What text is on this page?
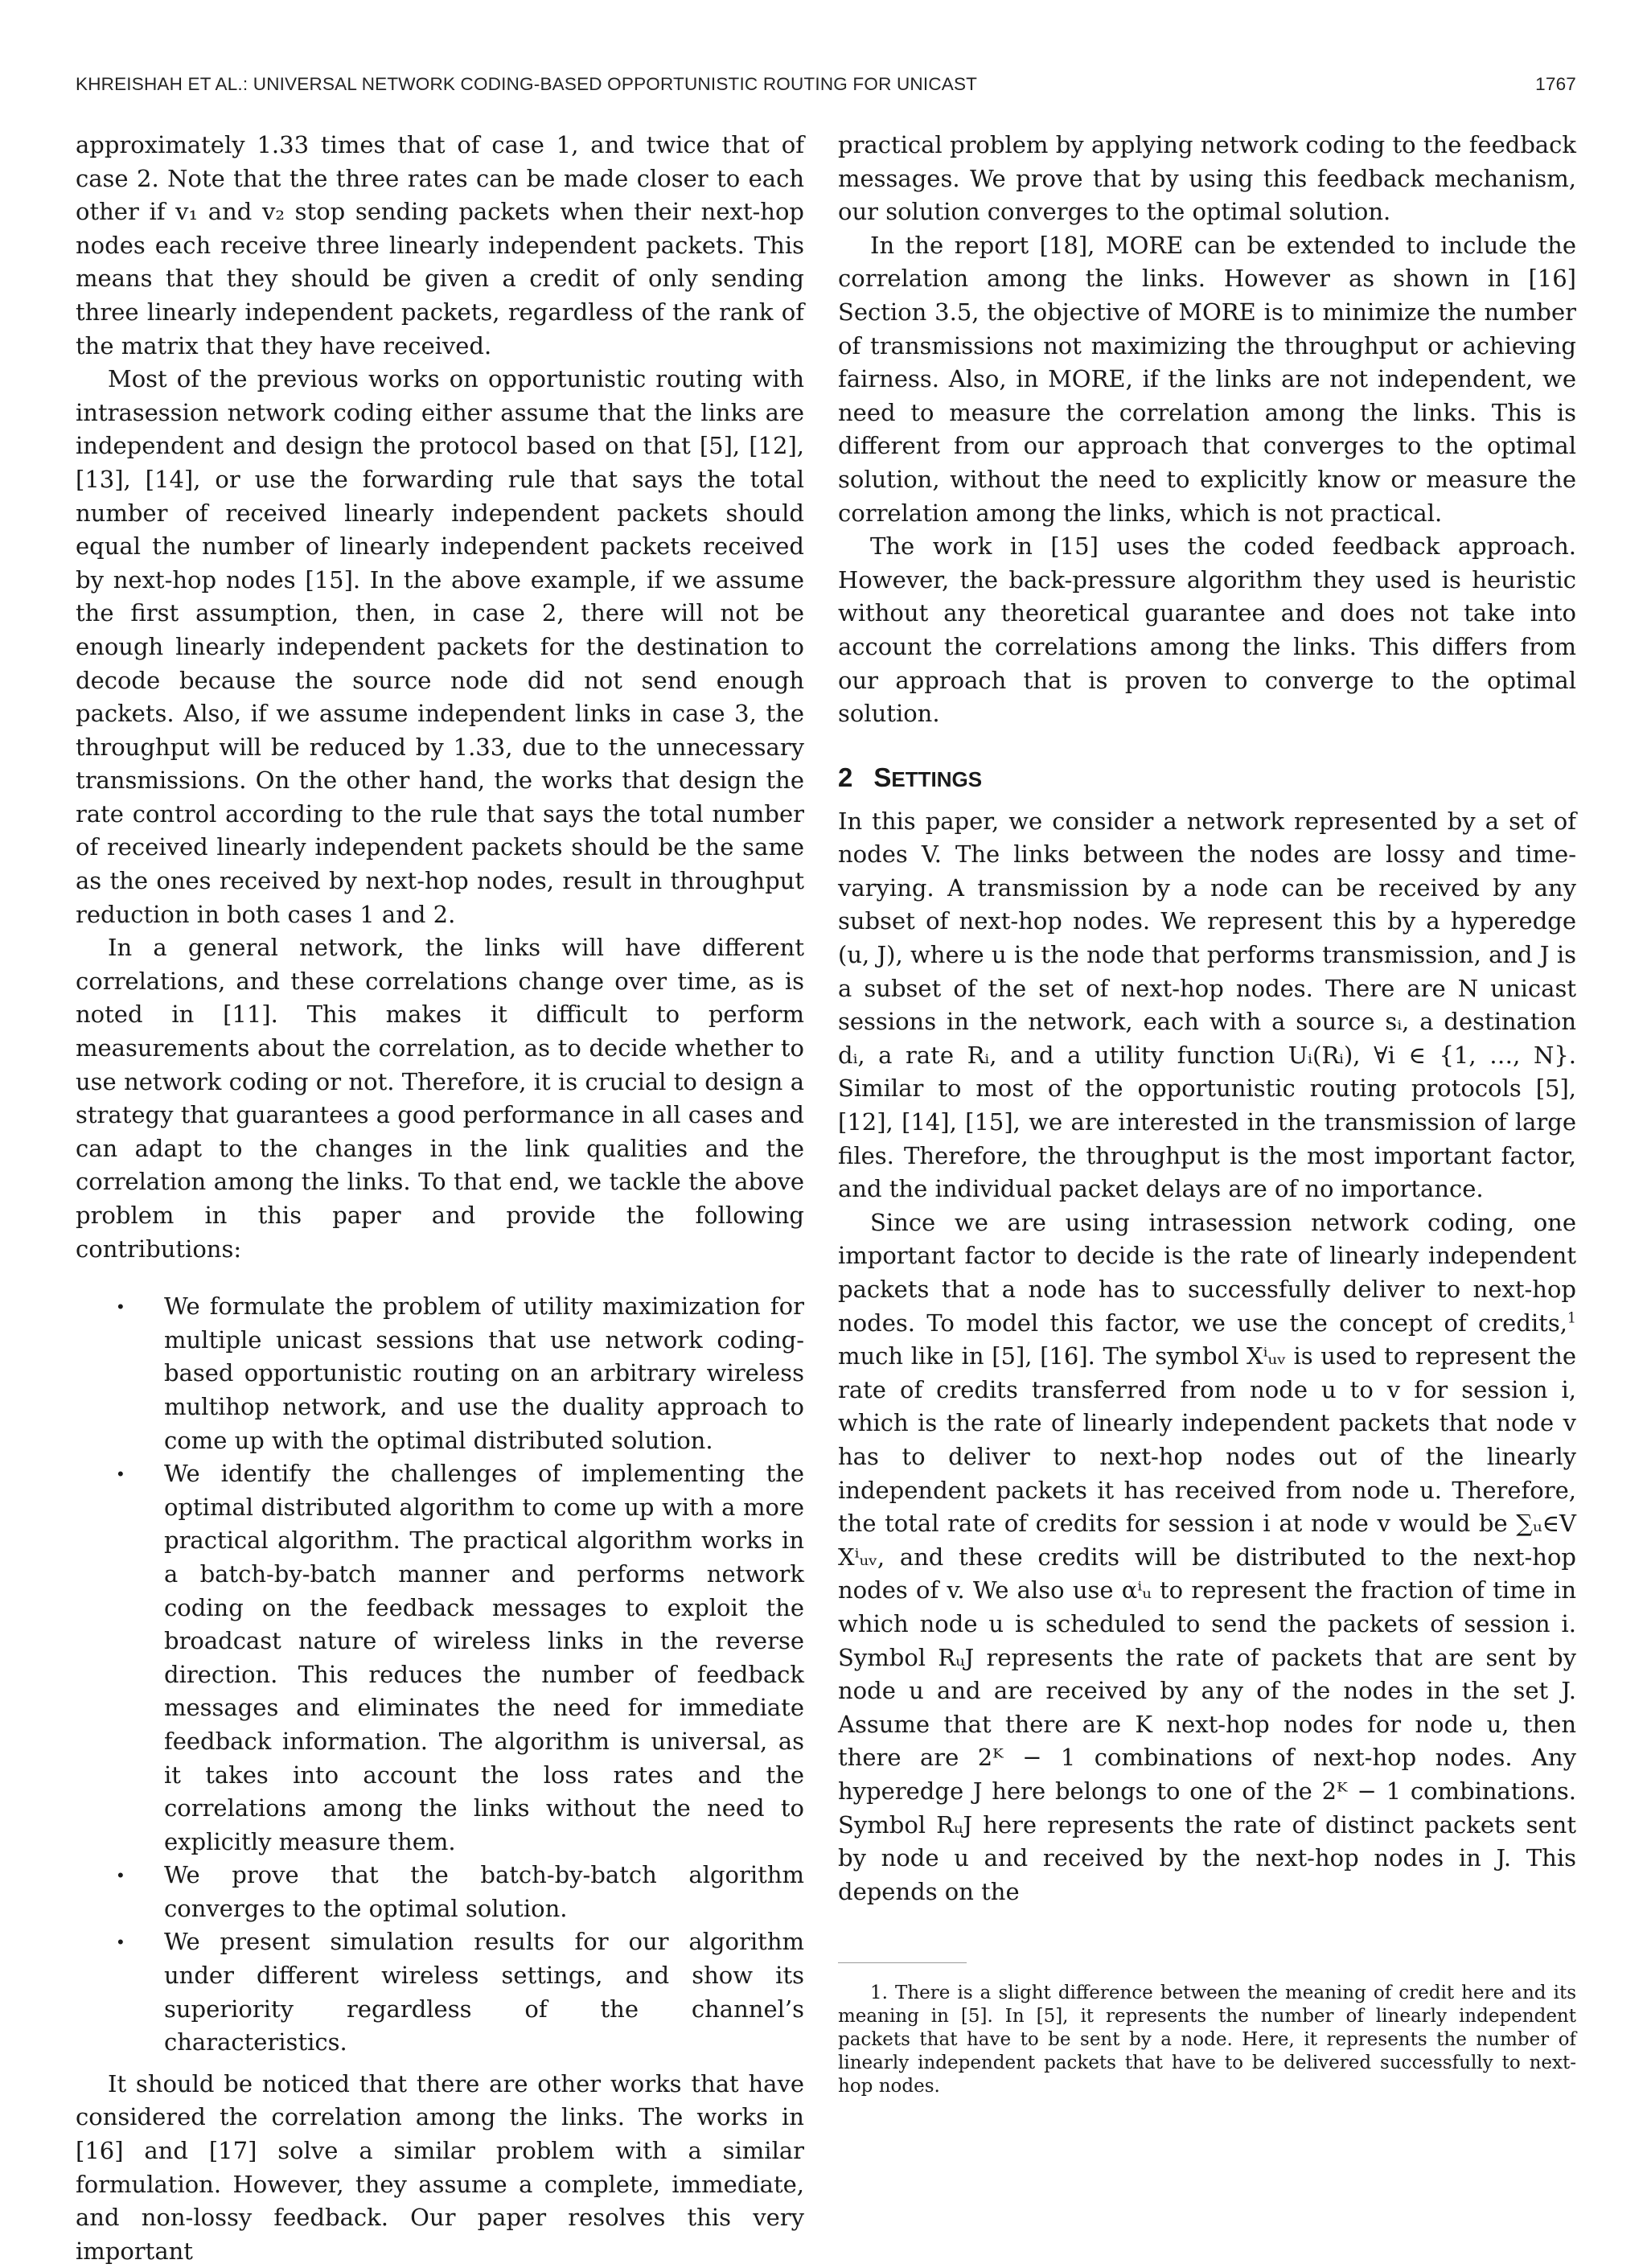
KHREISHAH ET AL.: UNIVERSAL NETWORK CODING-BASED OPPORTUNISTIC ROUTING FOR UNICAST	1767

approximately 1.33 times that of case 1, and twice that of case 2. Note that the three rates can be made closer to each other if v₁ and v₂ stop sending packets when their next-hop nodes each receive three linearly independent packets. This means that they should be given a credit of only sending three linearly independent packets, regardless of the rank of the matrix that they have received.

Most of the previous works on opportunistic routing with intrasession network coding either assume that the links are independent and design the protocol based on that [5], [12], [13], [14], or use the forwarding rule that says the total number of received linearly independent packets should equal the number of linearly independent packets received by next-hop nodes [15]. In the above example, if we assume the first assumption, then, in case 2, there will not be enough linearly independent packets for the destination to decode because the source node did not send enough packets. Also, if we assume independent links in case 3, the throughput will be reduced by 1.33, due to the unnecessary transmissions. On the other hand, the works that design the rate control according to the rule that says the total number of received linearly independent packets should be the same as the ones received by next-hop nodes, result in throughput reduction in both cases 1 and 2.

In a general network, the links will have different correlations, and these correlations change over time, as is noted in [11]. This makes it difficult to perform measurements about the correlation, as to decide whether to use network coding or not. Therefore, it is crucial to design a strategy that guarantees a good performance in all cases and can adapt to the changes in the link qualities and the correlation among the links. To that end, we tackle the above problem in this paper and provide the following contributions:

• We formulate the problem of utility maximization for multiple unicast sessions that use network coding-based opportunistic routing on an arbitrary wireless multihop network, and use the duality approach to come up with the optimal distributed solution.
• We identify the challenges of implementing the optimal distributed algorithm to come up with a more practical algorithm. The practical algorithm works in a batch-by-batch manner and performs network coding on the feedback messages to exploit the broadcast nature of wireless links in the reverse direction. This reduces the number of feedback messages and eliminates the need for immediate feedback information. The algorithm is universal, as it takes into account the loss rates and the correlations among the links without the need to explicitly measure them.
• We prove that the batch-by-batch algorithm converges to the optimal solution.
• We present simulation results for our algorithm under different wireless settings, and show its superiority regardless of the channel’s characteristics.

It should be noticed that there are other works that have considered the correlation among the links. The works in [16] and [17] solve a similar problem with a similar formulation. However, they assume a complete, immediate, and non-lossy feedback. Our paper resolves this very important

practical problem by applying network coding to the feedback messages. We prove that by using this feedback mechanism, our solution converges to the optimal solution.

In the report [18], MORE can be extended to include the correlation among the links. However as shown in [16] Section 3.5, the objective of MORE is to minimize the number of transmissions not maximizing the throughput or achieving fairness. Also, in MORE, if the links are not independent, we need to measure the correlation among the links. This is different from our approach that converges to the optimal solution, without the need to explicitly know or measure the correlation among the links, which is not practical.

The work in [15] uses the coded feedback approach. However, the back-pressure algorithm they used is heuristic without any theoretical guarantee and does not take into account the correlations among the links. This differs from our approach that is proven to converge to the optimal solution.

2 SETTINGS

In this paper, we consider a network represented by a set of nodes V. The links between the nodes are lossy and time-varying. A transmission by a node can be received by any subset of next-hop nodes. We represent this by a hyperedge (u, J), where u is the node that performs transmission, and J is a subset of the set of next-hop nodes. There are N unicast sessions in the network, each with a source sᵢ, a destination dᵢ, a rate Rᵢ, and a utility function Uᵢ(Rᵢ), ∀i ∈ {1, …, N}. Similar to most of the opportunistic routing protocols [5], [12], [14], [15], we are interested in the transmission of large files. Therefore, the throughput is the most important factor, and the individual packet delays are of no importance.

Since we are using intrasession network coding, one important factor to decide is the rate of linearly independent packets that a node has to successfully deliver to next-hop nodes. To model this factor, we use the concept of credits,$^1$ much like in [5], [16]. The symbol Xⁱᵤᵥ is used to represent the rate of credits transferred from node u to v for session i, which is the rate of linearly independent packets that node v has to deliver to next-hop nodes out of the linearly independent packets it has received from node u. Therefore, the total rate of credits for session i at node v would be ∑ᵤ∈V Xⁱᵤᵥ, and these credits will be distributed to the next-hop nodes of v. We also use αⁱᵤ to represent the fraction of time in which node u is scheduled to send the packets of session i. Symbol RᵤJ represents the rate of packets that are sent by node u and are received by any of the nodes in the set J. Assume that there are K next-hop nodes for node u, then there are 2ᴷ − 1 combinations of next-hop nodes. Any hyperedge J here belongs to one of the 2ᴷ − 1 combinations. Symbol RᵤJ here represents the rate of distinct packets sent by node u and received by the next-hop nodes in J. This depends on the

1. There is a slight difference between the meaning of credit here and its meaning in [5]. In [5], it represents the number of linearly independent packets that have to be sent by a node. Here, it represents the number of linearly independent packets that have to be delivered successfully to next-hop nodes.
